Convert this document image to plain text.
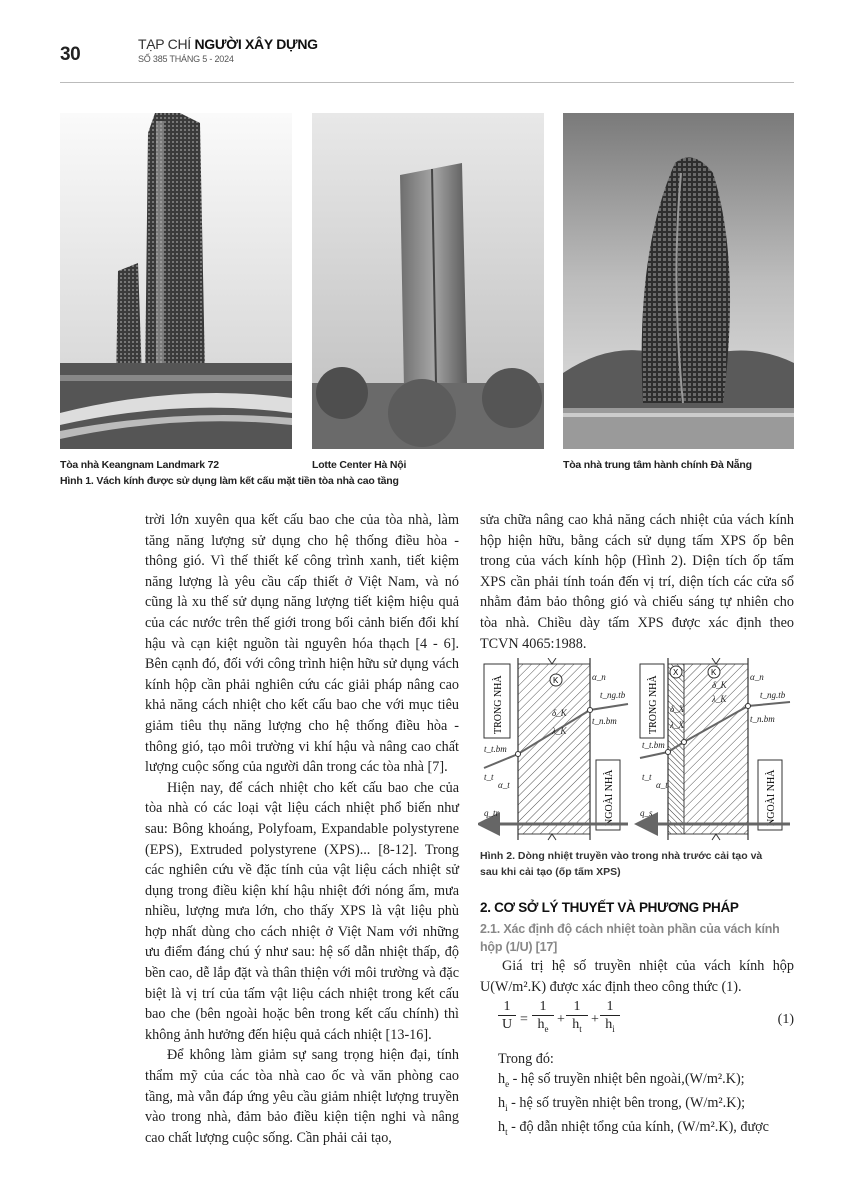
30	TẠP CHÍ NGƯỜI XÂY DỰNG
SỐ 385 THÁNG 5 - 2024
Tòa nhà Keangnam Landmark 72	Lotte Center Hà Nội	Tòa nhà trung tâm hành chính Đà Nẵng
Hình 1. Vách kính được sử dụng làm kết cấu mặt tiền tòa nhà cao tầng

trời lớn xuyên qua kết cấu bao che của tòa nhà, làm tăng năng lượng sử dụng cho hệ thống điều hòa - thông gió. Vì thế thiết kế công trình xanh, tiết kiệm năng lượng là yêu cầu cấp thiết ở Việt Nam, và nó cũng là xu thế sử dụng năng lượng tiết kiệm hiệu quả của các nước trên thế giới trong bối cảnh biến đổi khí hậu và cạn kiệt nguồn tài nguyên hóa thạch [4 - 6]. Bên cạnh đó, đối với công trình hiện hữu sử dụng vách kính hộp cần phải nghiên cứu các giải pháp nâng cao khả năng cách nhiệt cho kết cấu bao che với mục tiêu giảm tiêu thụ năng lượng cho hệ thống điều hòa - thông gió, tạo môi trường vi khí hậu và nâng cao chất lượng cuộc sống của người dân trong các tòa nhà [7].

Hiện nay, để cách nhiệt cho kết cấu bao che của tòa nhà có các loại vật liệu cách nhiệt phổ biến như sau: Bông khoáng, Polyfoam, Expandable polystyrene (EPS), Extruded polystyrene (XPS)... [8-12]. Trong các nghiên cứu về đặc tính của vật liệu cách nhiệt sử dụng trong điều kiện khí hậu nhiệt đới nóng ẩm, mưa nhiều, lượng mưa lớn, cho thấy XPS là vật liệu phù hợp nhất dùng cho cách nhiệt ở Việt Nam với những ưu điểm đáng chú ý như sau: hệ số dẫn nhiệt thấp, độ bền cao, dễ lắp đặt và thân thiện với môi trường và đặc biệt là vị trí của tấm vật liệu cách nhiệt trong kết cấu bao che (bên ngoài hoặc bên trong kết cấu chính) thì không ảnh hưởng đến hiệu quả cách nhiệt [13-16].

Để không làm giảm sự sang trọng hiện đại, tính thẩm mỹ của các tòa nhà cao ốc và văn phòng cao tầng, mà vẫn đáp ứng yêu cầu giảm nhiệt lượng truyền vào trong nhà, đảm bảo điều kiện tiện nghi và nâng cao chất lượng cuộc sống. Cần phải cải tạo,

sửa chữa nâng cao khả năng cách nhiệt của vách kính hộp hiện hữu, bằng cách sử dụng tấm XPS ốp bên trong của vách kính hộp (Hình 2). Diện tích ốp tấm XPS cần phải tính toán đến vị trí, diện tích các cửa sổ nhằm đảm bảo thông gió và chiếu sáng tự nhiên cho tòa nhà. Chiều dày tấm XPS được xác định theo TCVN 4065:1988.
TRONG NHÀ
NGOÀI NHÀ
K	α_n
t_ng.tb
δ_K
λ_K
t_n.bm
t_t.bm
t_t
α_t
q_tr
TRONG NHÀ
NGOÀI NHÀ
X	K	α_n
t_ng.tb
δ_X
λ_X
δ_K
λ_K
t_n.bm
t_t.bm
t_t
α_t
q_s
Hình 2. Dòng nhiệt truyền vào trong nhà trước cải tạo và sau khi cải tạo (ốp tấm XPS)
2. CƠ SỞ LÝ THUYẾT VÀ PHƯƠNG PHÁP
2.1. Xác định độ cách nhiệt toàn phần của vách kính hộp (1/U) [17]
Giá trị hệ số truyền nhiệt của vách kính hộp U(W/m².K) được xác định theo công thức (1).
$\frac{1}{U} = \frac{1}{h_e} + \frac{1}{h_t} + \frac{1}{h_i}$	(1)

Trong đó:

$h_e$ - hệ số truyền nhiệt bên ngoài,(W/m².K);

$h_i$ - hệ số truyền nhiệt bên trong, (W/m².K);

$h_t$ - độ dẫn nhiệt tổng của kính, (W/m².K), được
